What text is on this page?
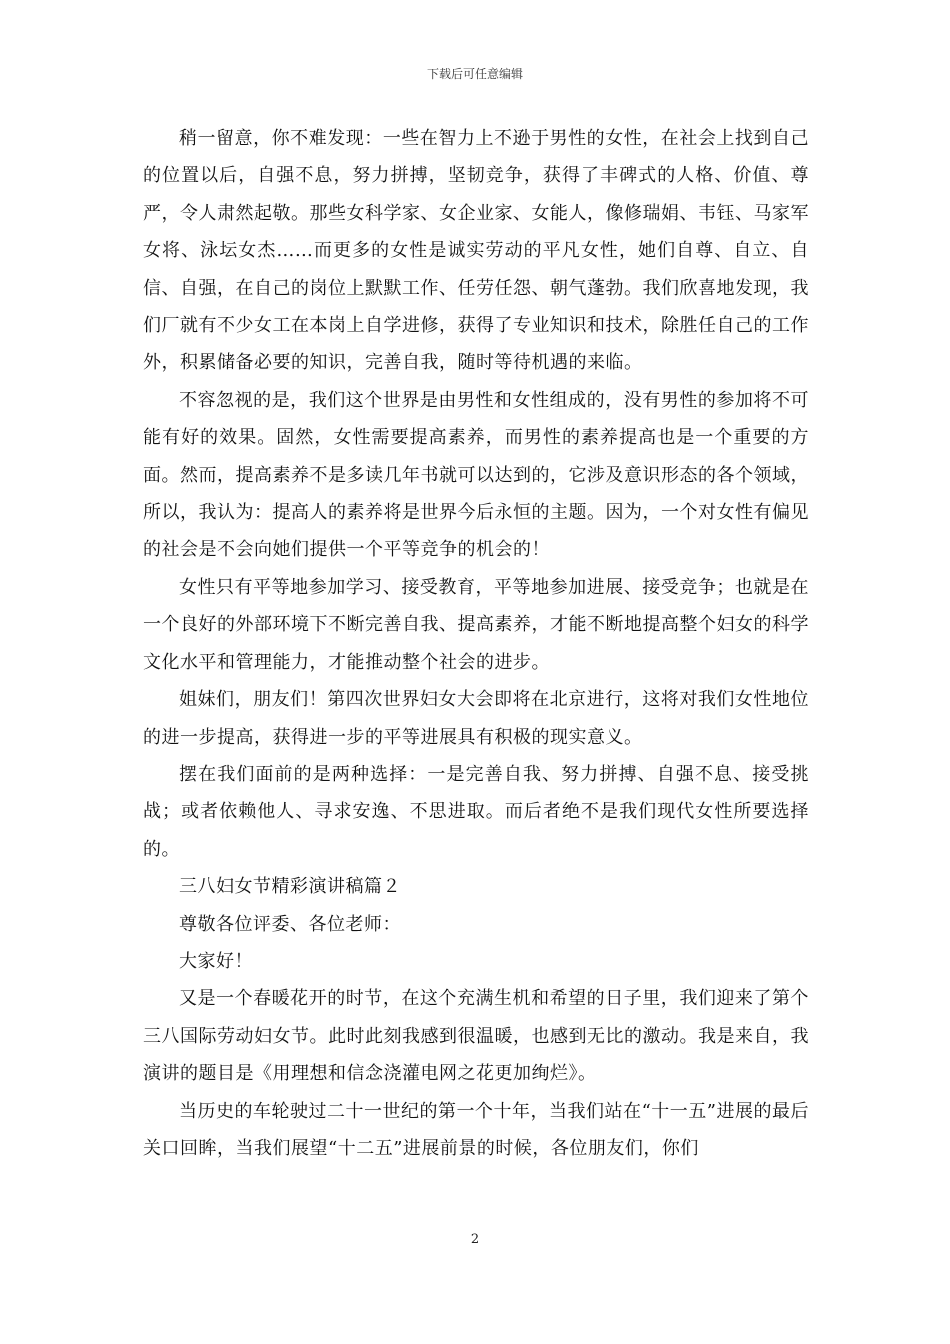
下载后可任意编辑

稍一留意，你不难发现：一些在智力上不逊于男性的女性，在社会上找到自己的位置以后，自强不息，努力拼搏，坚韧竞争，获得了丰碑式的人格、价值、尊严，令人肃然起敬。那些女科学家、女企业家、女能人，像修瑞娟、韦钰、马家军女将、泳坛女杰……而更多的女性是诚实劳动的平凡女性，她们自尊、自立、自信、自强，在自己的岗位上默默工作、任劳任怨、朝气蓬勃。我们欣喜地发现，我们厂就有不少女工在本岗上自学进修，获得了专业知识和技术，除胜任自己的工作外，积累储备必要的知识，完善自我，随时等待机遇的来临。

不容忽视的是，我们这个世界是由男性和女性组成的，没有男性的参加将不可能有好的效果。固然，女性需要提高素养，而男性的素养提高也是一个重要的方面。然而，提高素养不是多读几年书就可以达到的，它涉及意识形态的各个领域，所以，我认为：提高人的素养将是世界今后永恒的主题。因为，一个对女性有偏见的社会是不会向她们提供一个平等竞争的机会的！

女性只有平等地参加学习、接受教育，平等地参加进展、接受竞争；也就是在一个良好的外部环境下不断完善自我、提高素养，才能不断地提高整个妇女的科学文化水平和管理能力，才能推动整个社会的进步。

姐妹们，朋友们！第四次世界妇女大会即将在北京进行，这将对我们女性地位的进一步提高，获得进一步的平等进展具有积极的现实意义。

摆在我们面前的是两种选择：一是完善自我、努力拼搏、自强不息、接受挑战；或者依赖他人、寻求安逸、不思进取。而后者绝不是我们现代女性所要选择的。

三八妇女节精彩演讲稿篇２

尊敬各位评委、各位老师：

大家好！

又是一个春暖花开的时节，在这个充满生机和希望的日子里，我们迎来了第个三八国际劳动妇女节。此时此刻我感到很温暖，也感到无比的激动。我是来自，我演讲的题目是《用理想和信念浇灌电网之花更加绚烂》。

当历史的车轮驶过二十一世纪的第一个十年，当我们站在“十一五”进展的最后关口回眸，当我们展望“十二五”进展前景的时候，各位朋友们，你们

2
